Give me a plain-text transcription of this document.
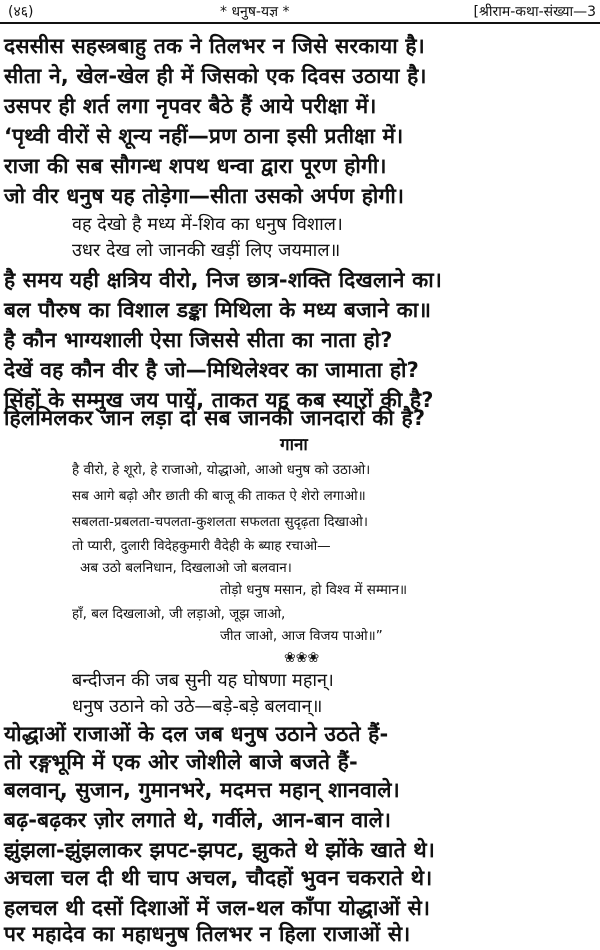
(४६)	* धनुष-यज्ञ *	[श्रीराम-कथा-संख्या—3
दससीस सहस्त्रबाहु तक ने तिलभर न जिसे सरकाया है।
सीता ने, खेल-खेल ही में जिसको एक दिवस उठाया है।
उसपर ही शर्त लगा नृपवर बैठे हैं आये परीक्षा में।
‘पृथ्वी वीरों से शून्य नहीं—प्रण ठाना इसी प्रतीक्षा में।
राजा की सब सौगन्ध शपथ धन्वा द्वारा पूरण होगी।
जो वीर धनुष यह तोड़ेगा—सीता उसको अर्पण होगी।
वह देखो है मध्य में-शिव का धनुष विशाल।
उधर देख लो जानकी खड़ीं लिए जयमाल॥
है समय यही क्षत्रिय वीरो, निज छात्र-शक्ति दिखलाने का।
बल पौरुष का विशाल डङ्का मिथिला के मध्य बजाने का॥
है कौन भाग्यशाली ऐसा जिससे सीता का नाता हो?
देखें वह कौन वीर है जो—मिथिलेश्वर का जामाता हो?
सिंहों के सम्मुख जय पायें, ताकत यह कब स्यारों की है?
हिलमिलकर जान लड़ा दो सब जानकी जानदारों की है?
गाना
है वीरो, हे शूरो, हे राजाओ, योद्धाओ, आओ धनुष को उठाओ।
सब आगे बढ़ो और छाती की बाजू की ताकत ऐ शेरो लगाओ॥
सबलता-प्रबलता-चपलता-कुशलता सफलता सुदृढ़ता दिखाओ।
तो प्यारी, दुलारी विदेहकुमारी वैदेही के ब्याह रचाओ—
अब उठो बलनिधान, दिखलाओ जो बलवान।
तोड़ो धनुष मसान, हो विश्व में सम्मान॥
हाँ, बल दिखलाओ, जी लड़ाओ, जूझ जाओ,
जीत जाओ, आज विजय पाओ॥”
❀❀❀
बन्दीजन की जब सुनी यह घोषणा महान्।
धनुष उठाने को उठे—बड़े-बड़े बलवान्॥
योद्धाओं राजाओं के दल जब धनुष उठाने उठते हैं-
तो रङ्गभूमि में एक ओर जोशीले बाजे बजते हैं-
बलवान्, सुजान, गुमानभरे, मदमत्त महान् शानवाले।
बढ़-बढ़कर ज़ोर लगाते थे, गर्वीले, आन-बान वाले।
झुंझला-झुंझलाकर झपट-झपट, झुकते थे झोंके खाते थे।
अचला चल दी थी चाप अचल, चौदहों भुवन चकराते थे।
हलचल थी दसों दिशाओं में जल-थल काँपा योद्धाओं से।
पर महादेव का महाधनुष तिलभर न हिला राजाओं से।
